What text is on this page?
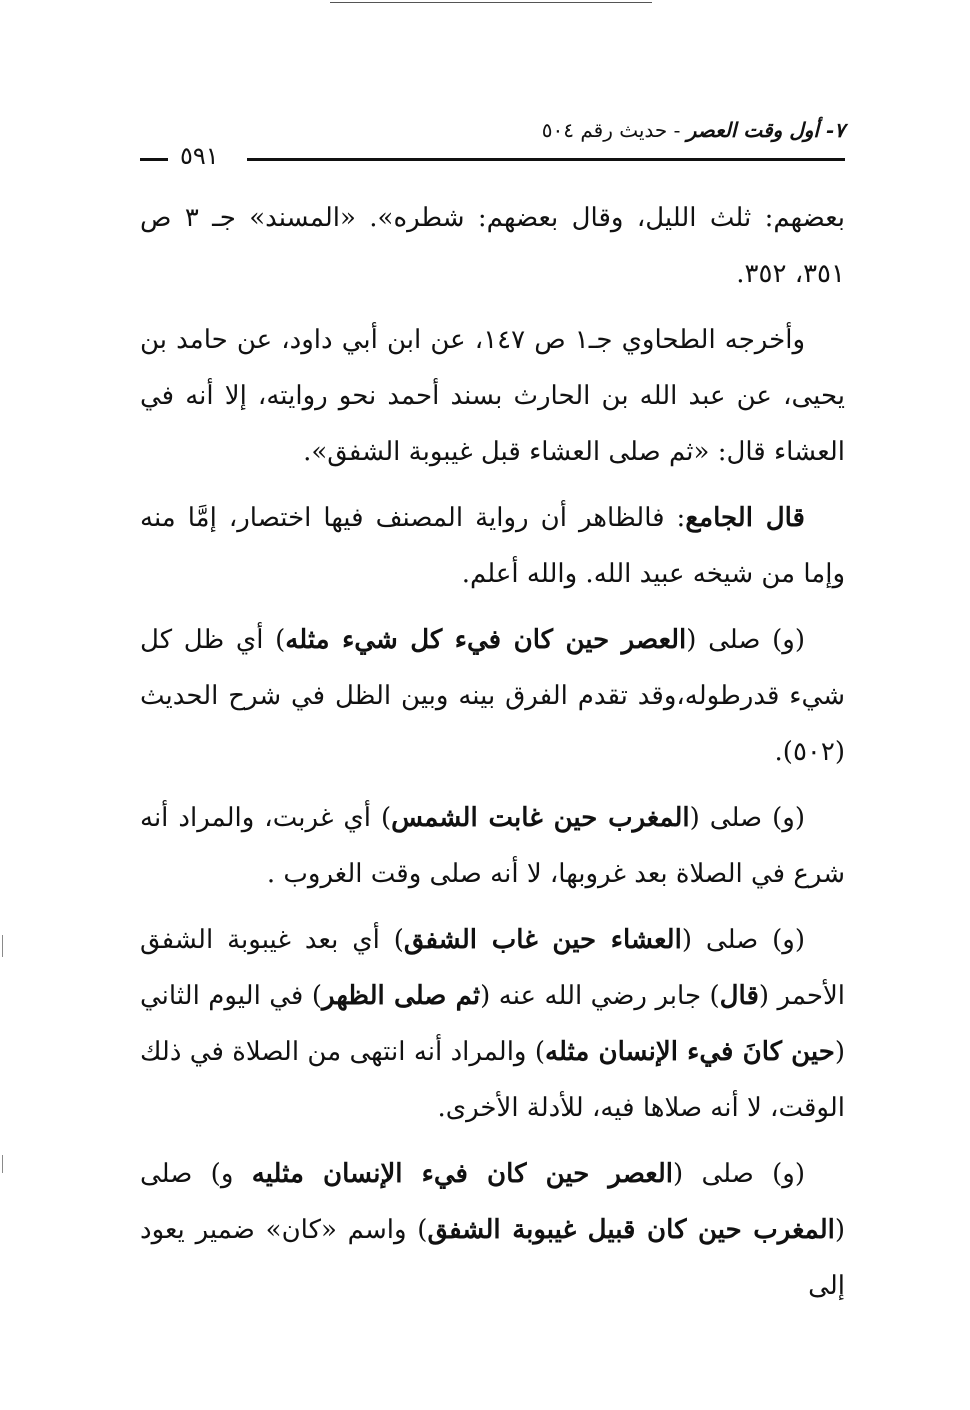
٧- أول وقت العصر - حديث رقم ٥٠٤
٥٩١

بعضهم: ثلث الليل، وقال بعضهم: شطره». «المسند» جـ ٣ ص ٣٥١، ٣٥٢.

وأخرجه الطحاوي جـ١ ص ١٤٧، عن ابن أبي داود، عن حامد بن يحيى، عن عبد الله بن الحارث بسند أحمد نحو روايته، إلا أنه في العشاء قال: «ثم صلى العشاء قبل غيبوبة الشفق».

قال الجامع: فالظاهر أن رواية المصنف فيها اختصار، إمَّا منه وإما من شيخه عبيد الله. والله أعلم.

(و) صلى (العصر حين كان فيء كل شيء مثله) أي ظل كل شيء قدرطوله،وقد تقدم الفرق بينه وبين الظل في شرح الحديث (٥٠٢).

(و) صلى (المغرب حين غابت الشمس) أي غربت، والمراد أنه شرع في الصلاة بعد غروبها، لا أنه صلى وقت الغروب .

(و) صلى (العشاء حين غاب الشفق) أي بعد غيبوبة الشفق الأحمر (قال) جابر رضي الله عنه (ثم صلى الظهر) في اليوم الثاني (حين كانَ فيء الإنسان مثله) والمراد أنه انتهى من الصلاة في ذلك الوقت، لا أنه صلاها فيه، للأدلة الأخرى.

(و) صلى (العصر حين كان فيء الإنسان مثليه و) صلى (المغرب حين كان قبيل غيبوبة الشفق) واسم «كان» ضمير يعود إلى
